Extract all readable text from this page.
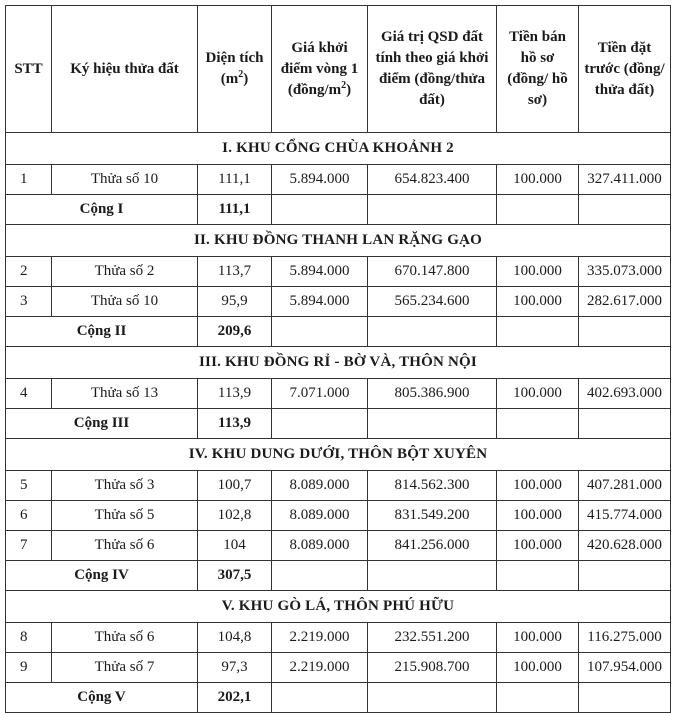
STT	Ký hiệu thửa đất	Diện tích $(m^2)$	Giá khởi điểm vòng 1 $(đồng/m^2)$	Giá trị QSD đất tính theo giá khởi điểm (đồng/thửa đất)	Tiền bán hồ sơ (đồng/ hồ sơ)	Tiền đặt trước (đồng/ thửa đất)
I. KHU CỔNG CHÙA KHOẢNH 2						
1	Thửa số 10	111,1	5.894.000	654.823.400	100.000	327.411.000
Cộng I		111,1				
II. KHU ĐỒNG THANH LAN RẶNG GẠO						
2	Thửa số 2	113,7	5.894.000	670.147.800	100.000	335.073.000
3	Thửa số 10	95,9	5.894.000	565.234.600	100.000	282.617.000
Cộng II		209,6				
III. KHU ĐỒNG RỈ - BỜ VÀ, THÔN NỘI						
4	Thửa số 13	113,9	7.071.000	805.386.900	100.000	402.693.000
Cộng III		113,9				
IV. KHU DUNG DƯỚI, THÔN BỘT XUYÊN						
5	Thửa số 3	100,7	8.089.000	814.562.300	100.000	407.281.000
6	Thửa số 5	102,8	8.089.000	831.549.200	100.000	415.774.000
7	Thửa số 6	104	8.089.000	841.256.000	100.000	420.628.000
Cộng IV		307,5				
V. KHU GÒ LÁ, THÔN PHÚ HỮU						
8	Thửa số 6	104,8	2.219.000	232.551.200	100.000	116.275.000
9	Thửa số 7	97,3	2.219.000	215.908.700	100.000	107.954.000
Cộng V		202,1				
